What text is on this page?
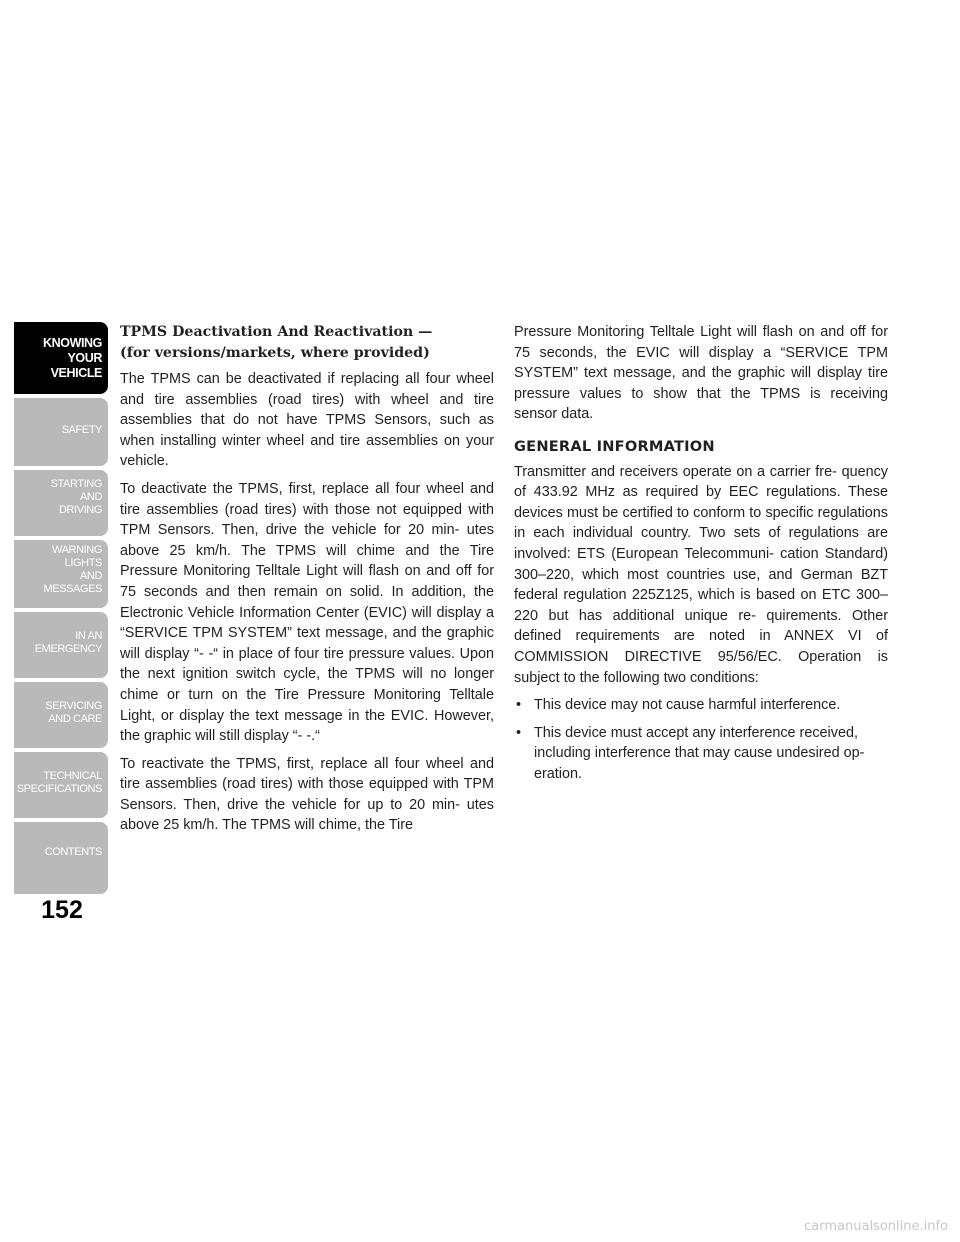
KNOWING
YOUR
VEHICLE
SAFETY
STARTING
AND
DRIVING
WARNING
LIGHTS
AND
MESSAGES
IN AN
EMERGENCY
SERVICING
AND CARE
TECHNICAL
SPECIFICATIONS
CONTENTS
152
TPMS Deactivation And Reactivation —
(for versions/markets, where provided)

The TPMS can be deactivated if replacing all four wheel and tire assemblies (road tires) with wheel and tire assemblies that do not have TPMS Sensors, such as when installing winter wheel and tire assemblies on your vehicle.

To deactivate the TPMS, first, replace all four wheel and tire assemblies (road tires) with those not equipped with TPM Sensors. Then, drive the vehicle for 20 min- utes above 25 km/h. The TPMS will chime and the Tire Pressure Monitoring Telltale Light will flash on and off for 75 seconds and then remain on solid. In addition, the Electronic Vehicle Information Center (EVIC) will display a “SERVICE TPM SYSTEM” text message, and the graphic will display “- -“ in place of four tire pressure values. Upon the next ignition switch cycle, the TPMS will no longer chime or turn on the Tire Pressure Monitoring Telltale Light, or display the text message in the EVIC. However, the graphic will still display “- -.“

To reactivate the TPMS, first, replace all four wheel and tire assemblies (road tires) with those equipped with TPM Sensors. Then, drive the vehicle for up to 20 min- utes above 25 km/h. The TPMS will chime, the Tire

Pressure Monitoring Telltale Light will flash on and off for 75 seconds, the EVIC will display a “SERVICE TPM SYSTEM” text message, and the graphic will display tire pressure values to show that the TPMS is receiving sensor data.

GENERAL INFORMATION

Transmitter and receivers operate on a carrier fre- quency of 433.92 MHz as required by EEC regulations. These devices must be certified to conform to specific regulations in each individual country. Two sets of regulations are involved: ETS (European Telecommuni- cation Standard) 300–220, which most countries use, and German BZT federal regulation 225Z125, which is based on ETC 300–220 but has additional unique re- quirements. Other defined requirements are noted in ANNEX VI of COMMISSION DIRECTIVE 95/56/EC. Operation is subject to the following two conditions:

• This device may not cause harmful interference.
• This device must accept any interference received, including interference that may cause undesired op- eration.
carmanualsonline.info
